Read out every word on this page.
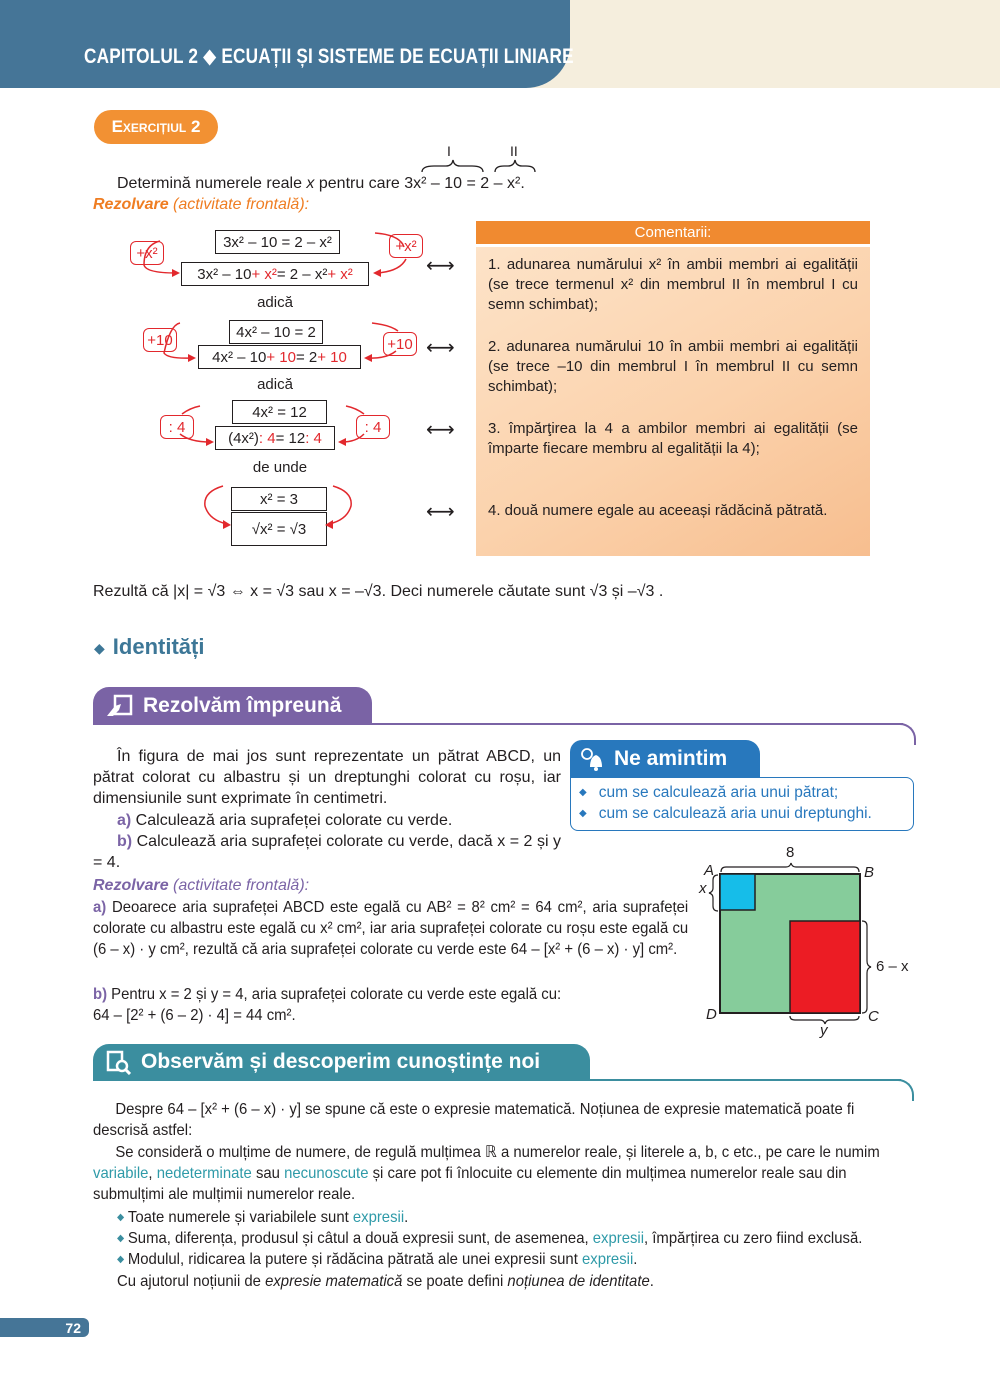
CAPITOLUL 2 ◆ ECUAȚII ȘI SISTEME DE ECUAȚII LINIARE
Exercițiul 2
I	II
Determină numerele reale x pentru care 3x² – 10 = 2 – x².
Rezolvare (activitate frontală):
3x² – 10 = 2 – x²
3x² – 10 + x² = 2 – x² + x²
+x²	+x²
adică
4x² – 10 = 2
4x² – 10 + 10 = 2 + 10
+10	+10
adică
4x² = 12
(4x²) : 4 = 12 : 4
: 4	: 4
de unde
x² = 3
√x² = √3
⟷
⟷
⟷
⟷
Comentarii:
1. adunarea numărului x² în ambii membri ai egalității (se trece termenul x² din membrul II în membrul I cu semn schimbat);
2. adunarea numărului 10 în ambii membri ai egalității (se trece –10 din membrul I în membrul II cu semn schimbat);
3. împărţirea la 4 a ambilor membri ai egalității (se împarte fiecare membru al egalității la 4);
4. două numere egale au aceeași rădăcină pătrată.
Rezultă că |x| = √3 ⇔ x = √3 sau x = –√3. Deci numerele căutate sunt √3 și –√3 .
◆ Identități
Rezolvăm împreună
În figura de mai jos sunt reprezentate un pătrat ABCD, un pătrat colorat cu albastru și un dreptunghi colorat cu roșu, iar dimensiunile sunt exprimate în centimetri.
a) Calculează aria suprafeței colorate cu verde.
b) Calculează aria suprafeței colorate cu verde, dacă x = 2 și y = 4.
Rezolvare (activitate frontală):
a) Deoarece aria suprafeței ABCD este egală cu AB² = 8² cm² = 64 cm², aria suprafeței colorate cu albastru este egală cu x² cm², iar aria suprafeței colorate cu roșu este egală cu (6 – x) · y cm², rezultă că aria suprafeței colorate cu verde este 64 – [x² + (6 – x) · y] cm².
b) Pentru x = 2 și y = 4, aria suprafeței colorate cu verde este egală cu:
64 – [2² + (6 – 2) · 4] = 44 cm².
Ne amintim
◆ cum se calculează aria unui pătrat;
◆ cum se calculează aria unui dreptunghi.
A	B
C
D
8
x
6 – x
y
Observăm și descoperim cunoștințe noi
Despre 64 – [x² + (6 – x) · y] se spune că este o expresie matematică. Noțiunea de expresie matematică poate fi descrisă astfel:
Se consideră o mulțime de numere, de regulă mulțimea ℝ a numerelor reale, și literele a, b, c etc., pe care le numim variabile, nedeterminate sau necunoscute și care pot fi înlocuite cu elemente din mulțimea numerelor reale sau din submulțimi ale mulțimii numerelor reale.
◆ Toate numerele și variabilele sunt expresii.
◆ Suma, diferența, produsul și câtul a două expresii sunt, de asemenea, expresii, împărțirea cu zero fiind exclusă.
◆ Modulul, ridicarea la putere și rădăcina pătrată ale unei expresii sunt expresii.
Cu ajutorul noțiunii de expresie matematică se poate defini noțiunea de identitate.
72
